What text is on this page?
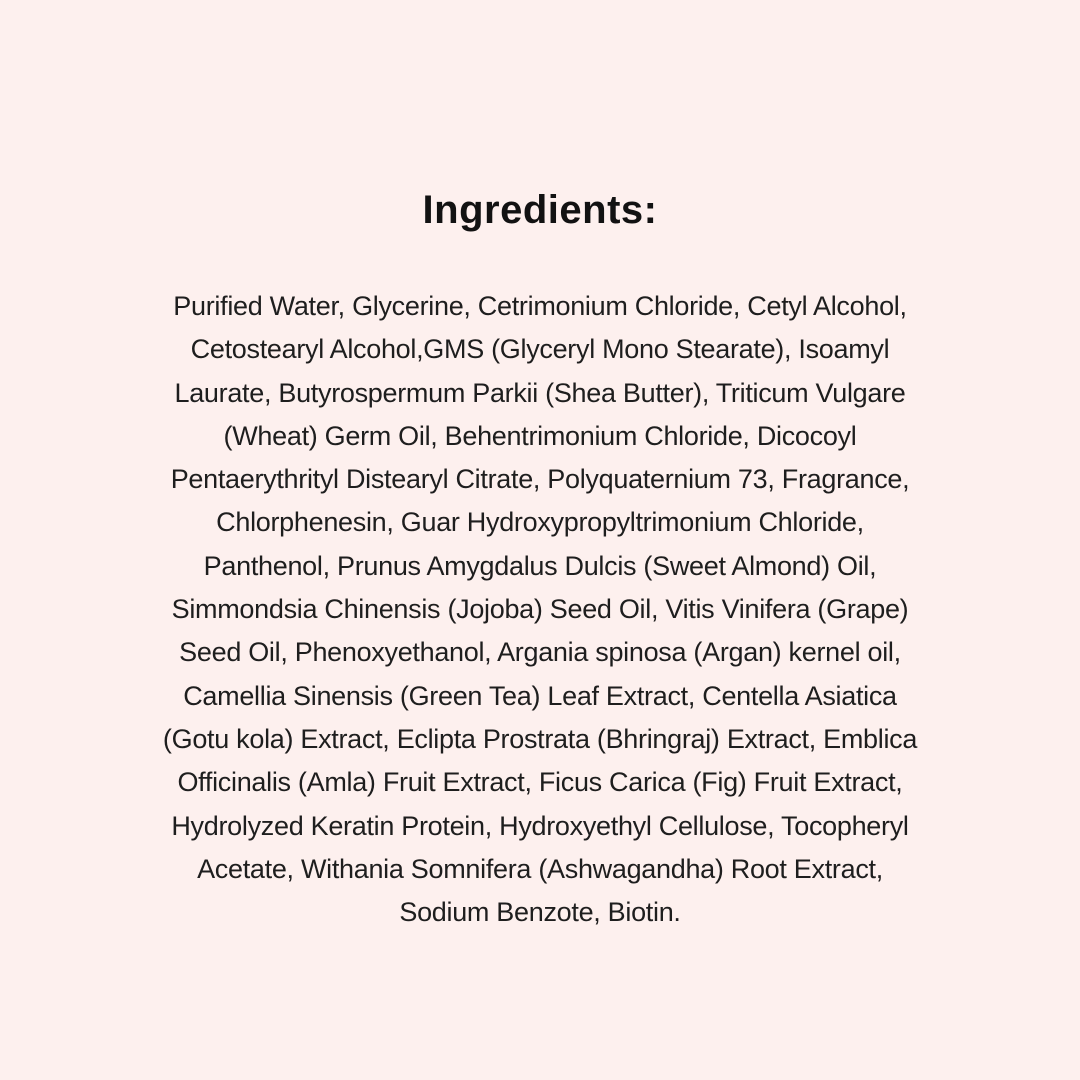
Ingredients:
Purified Water, Glycerine, Cetrimonium Chloride, Cetyl Alcohol,
Cetostearyl Alcohol,GMS (Glyceryl Mono Stearate), Isoamyl
Laurate, Butyrospermum Parkii (Shea Butter), Triticum Vulgare
(Wheat) Germ Oil, Behentrimonium Chloride, Dicocoyl
Pentaerythrityl Distearyl Citrate, Polyquaternium 73, Fragrance,
Chlorphenesin, Guar Hydroxypropyltrimonium Chloride,
Panthenol, Prunus Amygdalus Dulcis (Sweet Almond) Oil,
Simmondsia Chinensis (Jojoba) Seed Oil, Vitis Vinifera (Grape)
Seed Oil, Phenoxyethanol, Argania spinosa (Argan) kernel oil,
Camellia Sinensis (Green Tea) Leaf Extract, Centella Asiatica
(Gotu kola) Extract, Eclipta Prostrata (Bhringraj) Extract, Emblica
Officinalis (Amla) Fruit Extract, Ficus Carica (Fig) Fruit Extract,
Hydrolyzed Keratin Protein, Hydroxyethyl Cellulose, Tocopheryl
Acetate, Withania Somnifera (Ashwagandha) Root Extract,
Sodium Benzote, Biotin.
